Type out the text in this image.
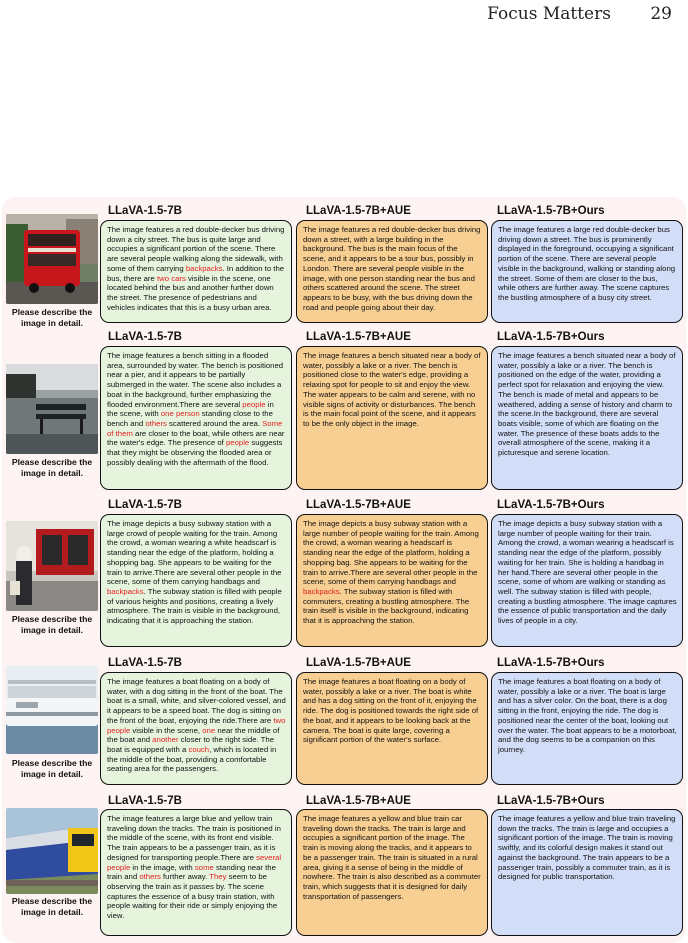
Focus Matters 29
Please describe the image in detail.
LLaVA-1.5-7B	LLaVA-1.5-7B+AUE	LLaVA-1.5-7B+Ours
The image features a red double-decker bus driving down a city street. The bus is quite large and occupies a significant portion of the scene. There are several people walking along the sidewalk, with some of them carrying backpacks. In addition to the bus, there are two cars visible in the scene, one located behind the bus and another further down the street. The presence of pedestrians and vehicles indicates that this is a busy urban area.
The image features a red double-decker bus driving down a street, with a large building in the background. The bus is the main focus of the scene, and it appears to be a tour bus, possibly in London. There are several people visible in the image, with one person standing near the bus and others scattered around the scene. The street appears to be busy, with the bus driving down the road and people going about their day.
The image features a large red double-decker bus driving down a street. The bus is prominently displayed in the foreground, occupying a significant portion of the scene. There are several people visible in the background, walking or standing along the street. Some of them are closer to the bus, while others are further away. The scene captures the bustling atmosphere of a busy city street.
Please describe the image in detail.
LLaVA-1.5-7B	LLaVA-1.5-7B+AUE	LLaVA-1.5-7B+Ours
The image features a bench sitting in a flooded area, surrounded by water. The bench is positioned near a pier, and it appears to be partially submerged in the water. The scene also includes a boat in the background, further emphasizing the flooded environment.There are several people in the scene, with one person standing close to the bench and others scattered around the area. Some of them are closer to the boat, while others are near the water's edge. The presence of people suggests that they might be observing the flooded area or possibly dealing with the aftermath of the flood.
The image features a bench situated near a body of water, possibly a lake or a river. The bench is positioned close to the water's edge, providing a relaxing spot for people to sit and enjoy the view. The water appears to be calm and serene, with no visible signs of activity or disturbances. The bench is the main focal point of the scene, and it appears to be the only object in the image.
The image features a bench situated near a body of water, possibly a lake or a river. The bench is positioned on the edge of the water, providing a perfect spot for relaxation and enjoying the view. The bench is made of metal and appears to be weathered, adding a sense of history and charm to the scene.In the background, there are several boats visible, some of which are floating on the water. The presence of these boats adds to the overall atmosphere of the scene, making it a picturesque and serene location.
Please describe the image in detail.
LLaVA-1.5-7B	LLaVA-1.5-7B+AUE	LLaVA-1.5-7B+Ours
The image depicts a busy subway station with a large crowd of people waiting for the train. Among the crowd, a woman wearing a white headscarf is standing near the edge of the platform, holding a shopping bag. She appears to be waiting for the train to arrive.There are several other people in the scene, some of them carrying handbags and backpacks. The subway station is filled with people of various heights and positions, creating a lively atmosphere. The train is visible in the background, indicating that it is approaching the station.
The image depicts a busy subway station with a large number of people waiting for the train. Among the crowd, a woman wearing a headscarf is standing near the edge of the platform, holding a shopping bag. She appears to be waiting for the train to arrive.There are several other people in the scene, some of them carrying handbags and backpacks. The subway station is filled with commuters, creating a bustling atmosphere. The train itself is visible in the background, indicating that it is approaching the station.
The image depicts a busy subway station with a large number of people waiting for their train. Among the crowd, a woman wearing a headscarf is standing near the edge of the platform, possibly waiting for her train. She is holding a handbag in her hand.There are several other people in the scene, some of whom are walking or standing as well. The subway station is filled with people, creating a bustling atmosphere. The image captures the essence of public transportation and the daily lives of people in a city.
Please describe the image in detail.
LLaVA-1.5-7B	LLaVA-1.5-7B+AUE	LLaVA-1.5-7B+Ours
The image features a boat floating on a body of water, with a dog sitting in the front of the boat. The boat is a small, white, and silver-colored vessel, and it appears to be a speed boat. The dog is sitting on the front of the boat, enjoying the ride.There are two people visible in the scene, one near the middle of the boat and another closer to the right side. The boat is equipped with a couch, which is located in the middle of the boat, providing a comfortable seating area for the passengers.
The image features a boat floating on a body of water, possibly a lake or a river. The boat is white and has a dog sitting on the front of it, enjoying the ride. The dog is positioned towards the right side of the boat, and it appears to be looking back at the camera. The boat is quite large, covering a significant portion of the water's surface.
The image features a boat floating on a body of water, possibly a lake or a river. The boat is large and has a silver color. On the boat, there is a dog sitting in the front, enjoying the ride. The dog is positioned near the center of the boat, looking out over the water. The boat appears to be a motorboat, and the dog seems to be a companion on this journey.
Please describe the image in detail.
LLaVA-1.5-7B	LLaVA-1.5-7B+AUE	LLaVA-1.5-7B+Ours
The image features a large blue and yellow train traveling down the tracks. The train is positioned in the middle of the scene, with its front end visible. The train appears to be a passenger train, as it is designed for transporting people.There are several people in the image, with some standing near the train and others further away. They seem to be observing the train as it passes by. The scene captures the essence of a busy train station, with people waiting for their ride or simply enjoying the view.
The image features a yellow and blue train car traveling down the tracks. The train is large and occupies a significant portion of the image. The train is moving along the tracks, and it appears to be a passenger train. The train is situated in a rural area, giving it a sense of being in the middle of nowhere. The train is also described as a commuter train, which suggests that it is designed for daily transportation of passengers.
The image features a yellow and blue train traveling down the tracks. The train is large and occupies a significant portion of the image. The train is moving swiftly, and its colorful design makes it stand out against the background. The train appears to be a passenger train, possibly a commuter train, as it is designed for public transportation.
